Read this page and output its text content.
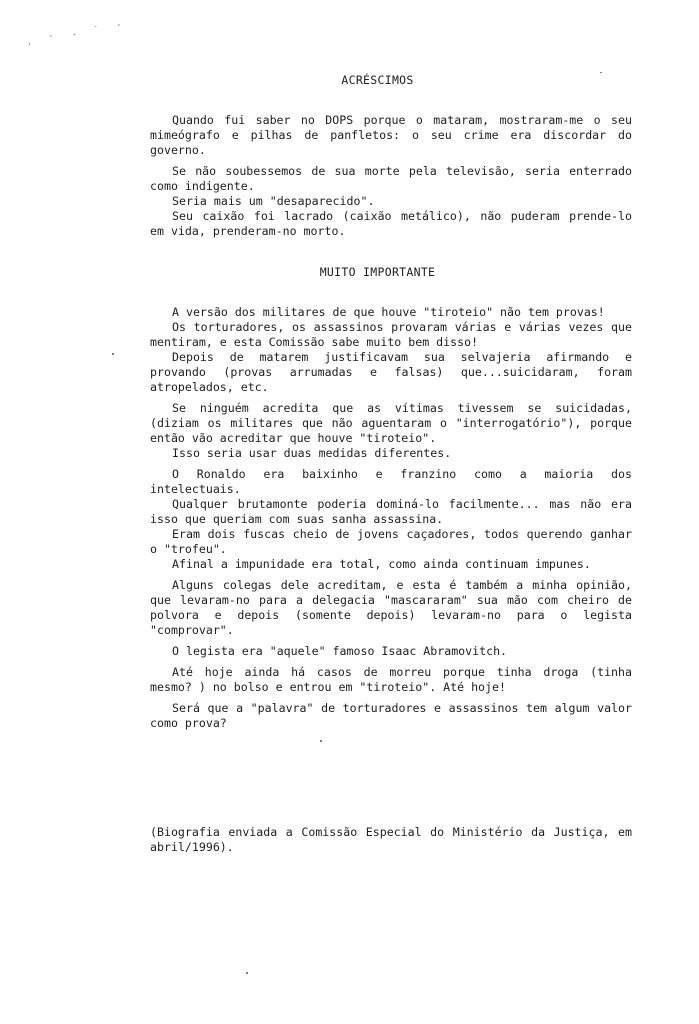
· ` · ˙ ·
ACRÉSCIMOS

Quando fui saber no DOPS porque o mataram, mostraram-me o seu mimeógrafo e pilhas de panfletos: o seu crime era discordar do governo.

Se não soubessemos de sua morte pela televisão, seria enterrado como indigente.

Seria mais um "desaparecido".

Seu caixão foi lacrado (caixão metálico), não puderam prende-lo em vida, prenderam-no morto.

MUITO IMPORTANTE

A versão dos militares de que houve "tiroteio" não tem provas!

Os torturadores, os assassinos provaram várias e várias vezes que mentiram, e esta Comissão sabe muito bem disso!

Depois de matarem justificavam sua selvajeria afirmando e provando (provas arrumadas e falsas) que...suicidaram, foram atropelados, etc.

Se ninguém acredita que as vítimas tivessem se suicidadas, (diziam os militares que não aguentaram o "interrogatório"), porque então vão acreditar que houve "tiroteio".

Isso seria usar duas medidas diferentes.

O Ronaldo era baixinho e franzino como a maioria dos intelectuais.

Qualquer brutamonte poderia dominá-lo facilmente... mas não era isso que queriam com suas sanha assassina.

Eram dois fuscas cheio de jovens caçadores, todos querendo ganhar o "trofeu".

Afinal a impunidade era total, como ainda continuam impunes.

Alguns colegas dele acreditam, e esta é também a minha opinião, que levaram-no para a delegacia "mascararam" sua mão com cheiro de polvora e depois (somente depois) levaram-no para o legista "comprovar".

O legista era "aquele" famoso Isaac Abramovitch.

Até hoje ainda há casos de morreu porque tinha droga (tinha mesmo? ) no bolso e entrou em "tiroteio". Até hoje!

Será que a "palavra" de torturadores e assassinos tem algum valor como prova?

(Biografia enviada a Comissão Especial do Ministério da Justiça, em abril/1996).
